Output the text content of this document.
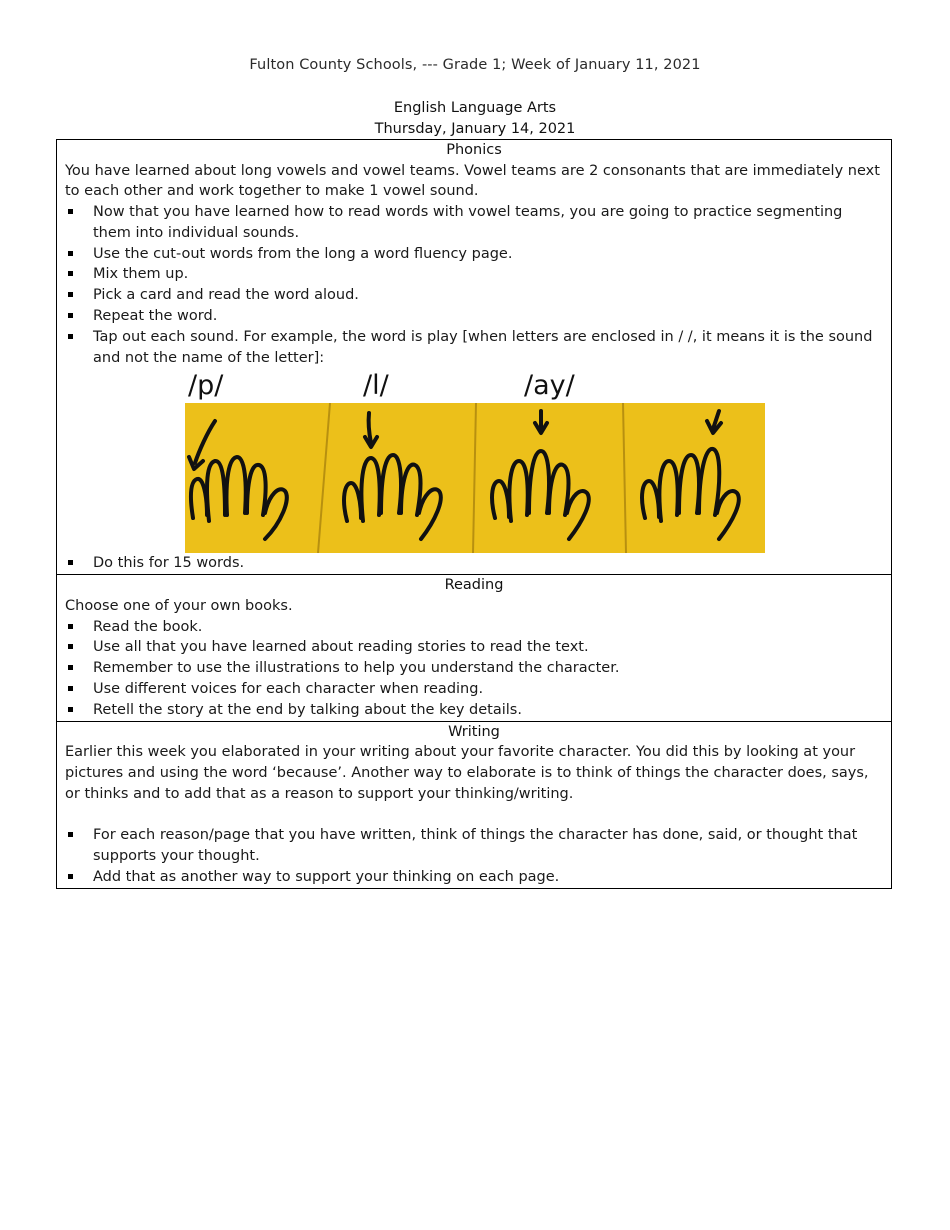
Fulton County Schools, --- Grade 1; Week of January 11, 2021
English Language Arts
Thursday, January 14, 2021
Phonics

You have learned about long vowels and vowel teams. Vowel teams are 2 consonants that are immediately next to each other and work together to make 1 vowel sound.

Now that you have learned how to read words with vowel teams, you are going to practice segmenting them into individual sounds.
Use the cut-out words from the long a word fluency page.
Mix them up.
Pick a card and read the word aloud.
Repeat the word.
Tap out each sound. For example, the word is play [when letters are enclosed in / /, it means it is the sound and not the name of the letter]:
/p/	/l/	/ay/
Do this for 15 words.
Reading

Choose one of your own books.

Read the book.
Use all that you have learned about reading stories to read the text.
Remember to use the illustrations to help you understand the character.
Use different voices for each character when reading.
Retell the story at the end by talking about the key details.
Writing

Earlier this week you elaborated in your writing about your favorite character. You did this by looking at your pictures and using the word ‘because’. Another way to elaborate is to think of things the character does, says, or thinks and to add that as a reason to support your thinking/writing.

For each reason/page that you have written, think of things the character has done, said, or thought that supports your thought.
Add that as another way to support your thinking on each page.
